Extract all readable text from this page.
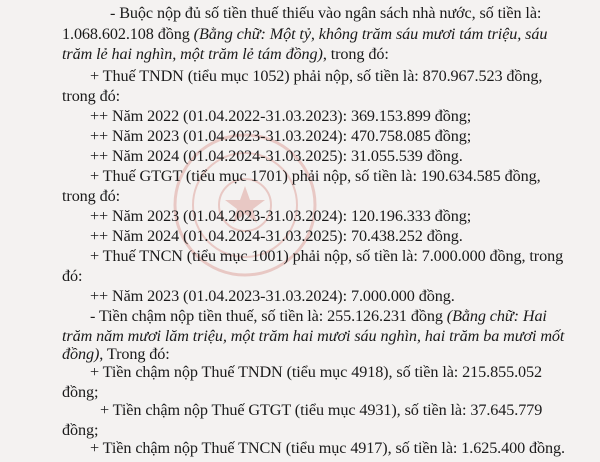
- Buộc nộp đủ số tiền thuế thiếu vào ngân sách nhà nước, số tiền là:
1.068.602.108 đồng (Bằng chữ: Một tỷ, không trăm sáu mươi tám triệu, sáu
trăm lẻ hai nghìn, một trăm lẻ tám đồng), trong đó:
+ Thuế TNDN (tiểu mục 1052) phải nộp, số tiền là: 870.967.523 đồng,
trong đó:
++ Năm 2022 (01.04.2022-31.03.2023): 369.153.899 đồng;
++ Năm 2023 (01.04.2023-31.03.2024): 470.758.085 đồng;
++ Năm 2024 (01.04.2024-31.03.2025): 31.055.539 đồng.
+ Thuế GTGT (tiểu mục 1701) phải nộp, số tiền là: 190.634.585 đồng,
trong đó:
++ Năm 2023 (01.04.2023-31.03.2024): 120.196.333 đồng;
++ Năm 2024 (01.04.2024-31.03.2025): 70.438.252 đồng.
+ Thuế TNCN (tiểu mục 1001) phải nộp, số tiền là: 7.000.000 đồng, trong
đó:
++ Năm 2023 (01.04.2023-31.03.2024): 7.000.000 đồng.
- Tiền chậm nộp tiền thuế, số tiền là: 255.126.231 đồng (Bằng chữ: Hai
trăm năm mươi lăm triệu, một trăm hai mươi sáu nghìn, hai trăm ba mươi mốt
đồng), Trong đó:
+ Tiền chậm nộp Thuế TNDN (tiểu mục 4918), số tiền là: 215.855.052
đồng;
+ Tiền chậm nộp Thuế GTGT (tiểu mục 4931), số tiền là: 37.645.779
đồng;
+ Tiền chậm nộp Thuế TNCN (tiểu mục 4917), số tiền là: 1.625.400 đồng.
